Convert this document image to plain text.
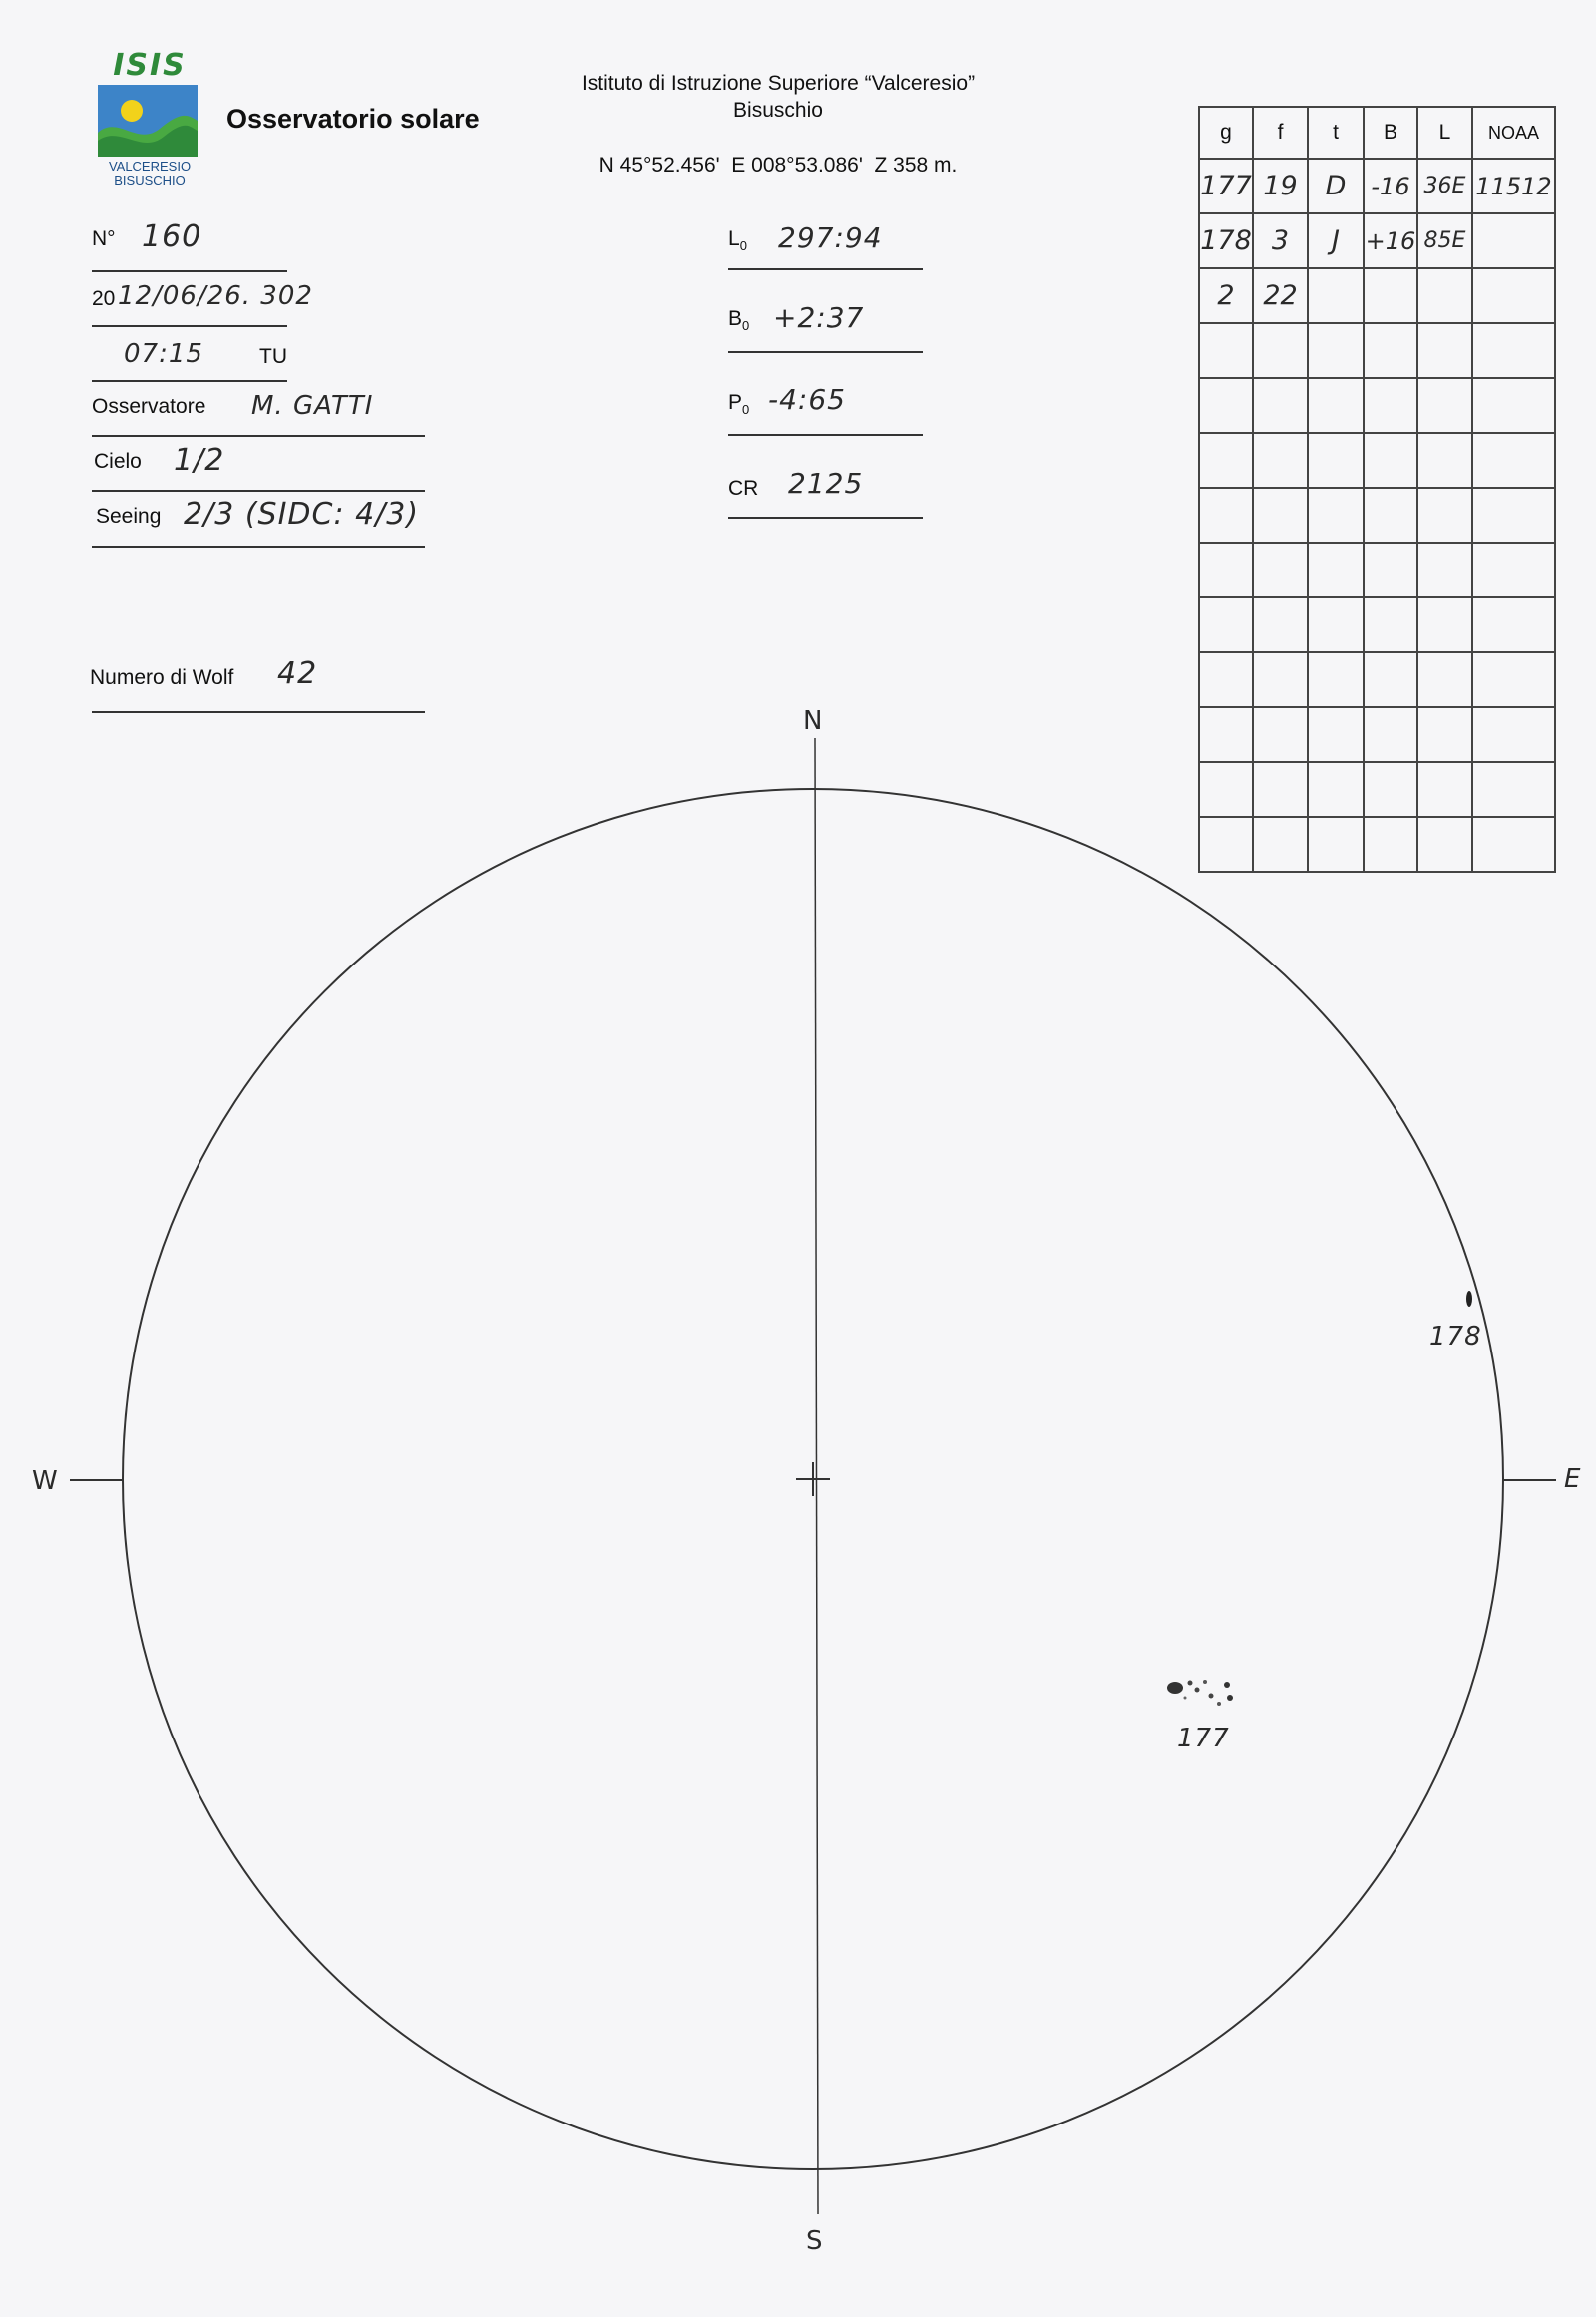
ISIS
VALCERESIO
BISUSCHIO
Osservatorio solare
Istituto di Istruzione Superiore “Valceresio”
Bisuschio
N 45°52.456'  E 008°53.086'  Z 358 m.
N° 160
20 12/06/26. 302
07:15	TU
Osservatore M. GATTI
Cielo 1/2
Seeing 2/3 (SIDC: 4/3)
Numero di Wolf 42
$L_0$ 297:94
$B_0$ +2:37
$P_0$ -4:65
CR 2125
g	f	t	B	L	NOAA
177	19	D	-16	36E	11512
178	3	J	+16	85E	
2	22				

N
S
W	E
178
177
